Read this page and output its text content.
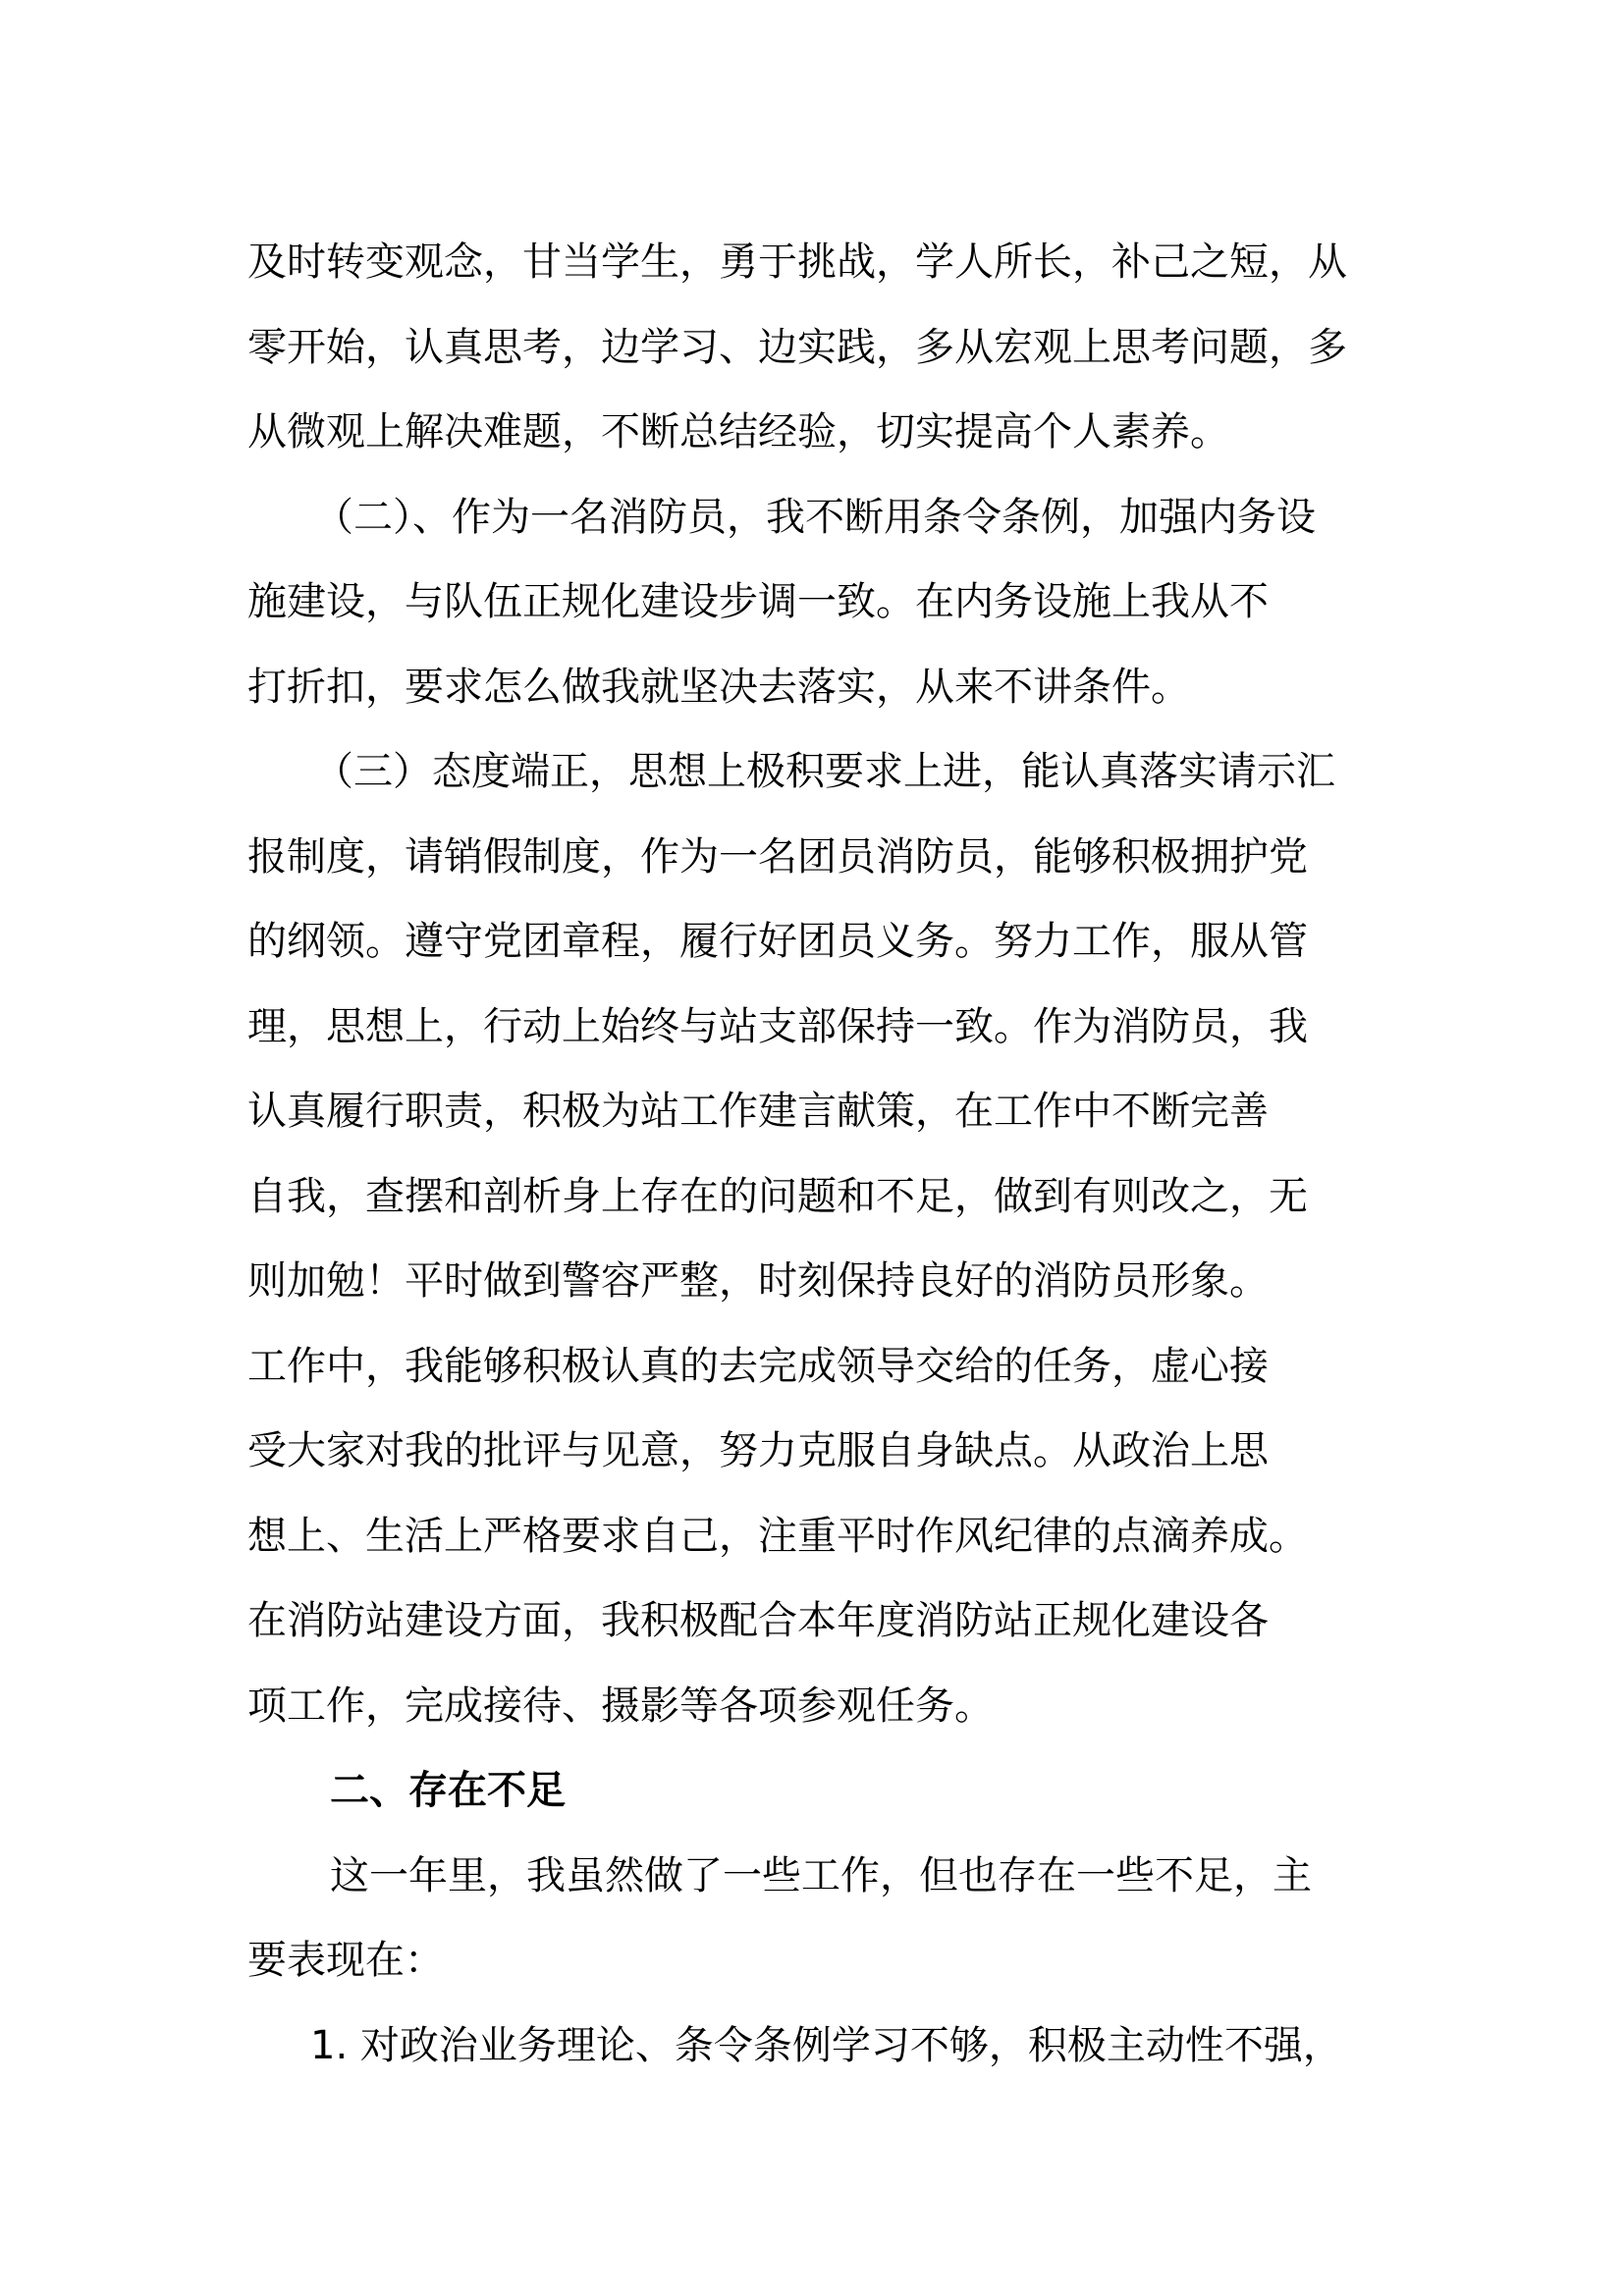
及时转变观念，甘当学生，勇于挑战，学人所长，补己之短，从
零开始，认真思考，边学习、边实践，多从宏观上思考问题，多
从微观上解决难题，不断总结经验，切实提高个人素养。
（二）、作为一名消防员，我不断用条令条例，加强内务设
施建设，与队伍正规化建设步调一致。在内务设施上我从不
打折扣，要求怎么做我就坚决去落实，从来不讲条件。
（三）态度端正，思想上极积要求上进，能认真落实请示汇
报制度，请销假制度，作为一名团员消防员，能够积极拥护党
的纲领。遵守党团章程，履行好团员义务。努力工作，服从管
理，思想上，行动上始终与站支部保持一致。作为消防员，我
认真履行职责，积极为站工作建言献策，在工作中不断完善
自我，查摆和剖析身上存在的问题和不足，做到有则改之，无
则加勉！平时做到警容严整，时刻保持良好的消防员形象。
工作中，我能够积极认真的去完成领导交给的任务，虚心接
受大家对我的批评与见意，努力克服自身缺点。从政治上思
想上、生活上严格要求自己，注重平时作风纪律的点滴养成。
在消防站建设方面，我积极配合本年度消防站正规化建设各
项工作，完成接待、摄影等各项参观任务。
二、存在不足
这一年里，我虽然做了一些工作，但也存在一些不足，主
要表现在：
1. 对政治业务理论、条令条例学习不够，积极主动性不强，
